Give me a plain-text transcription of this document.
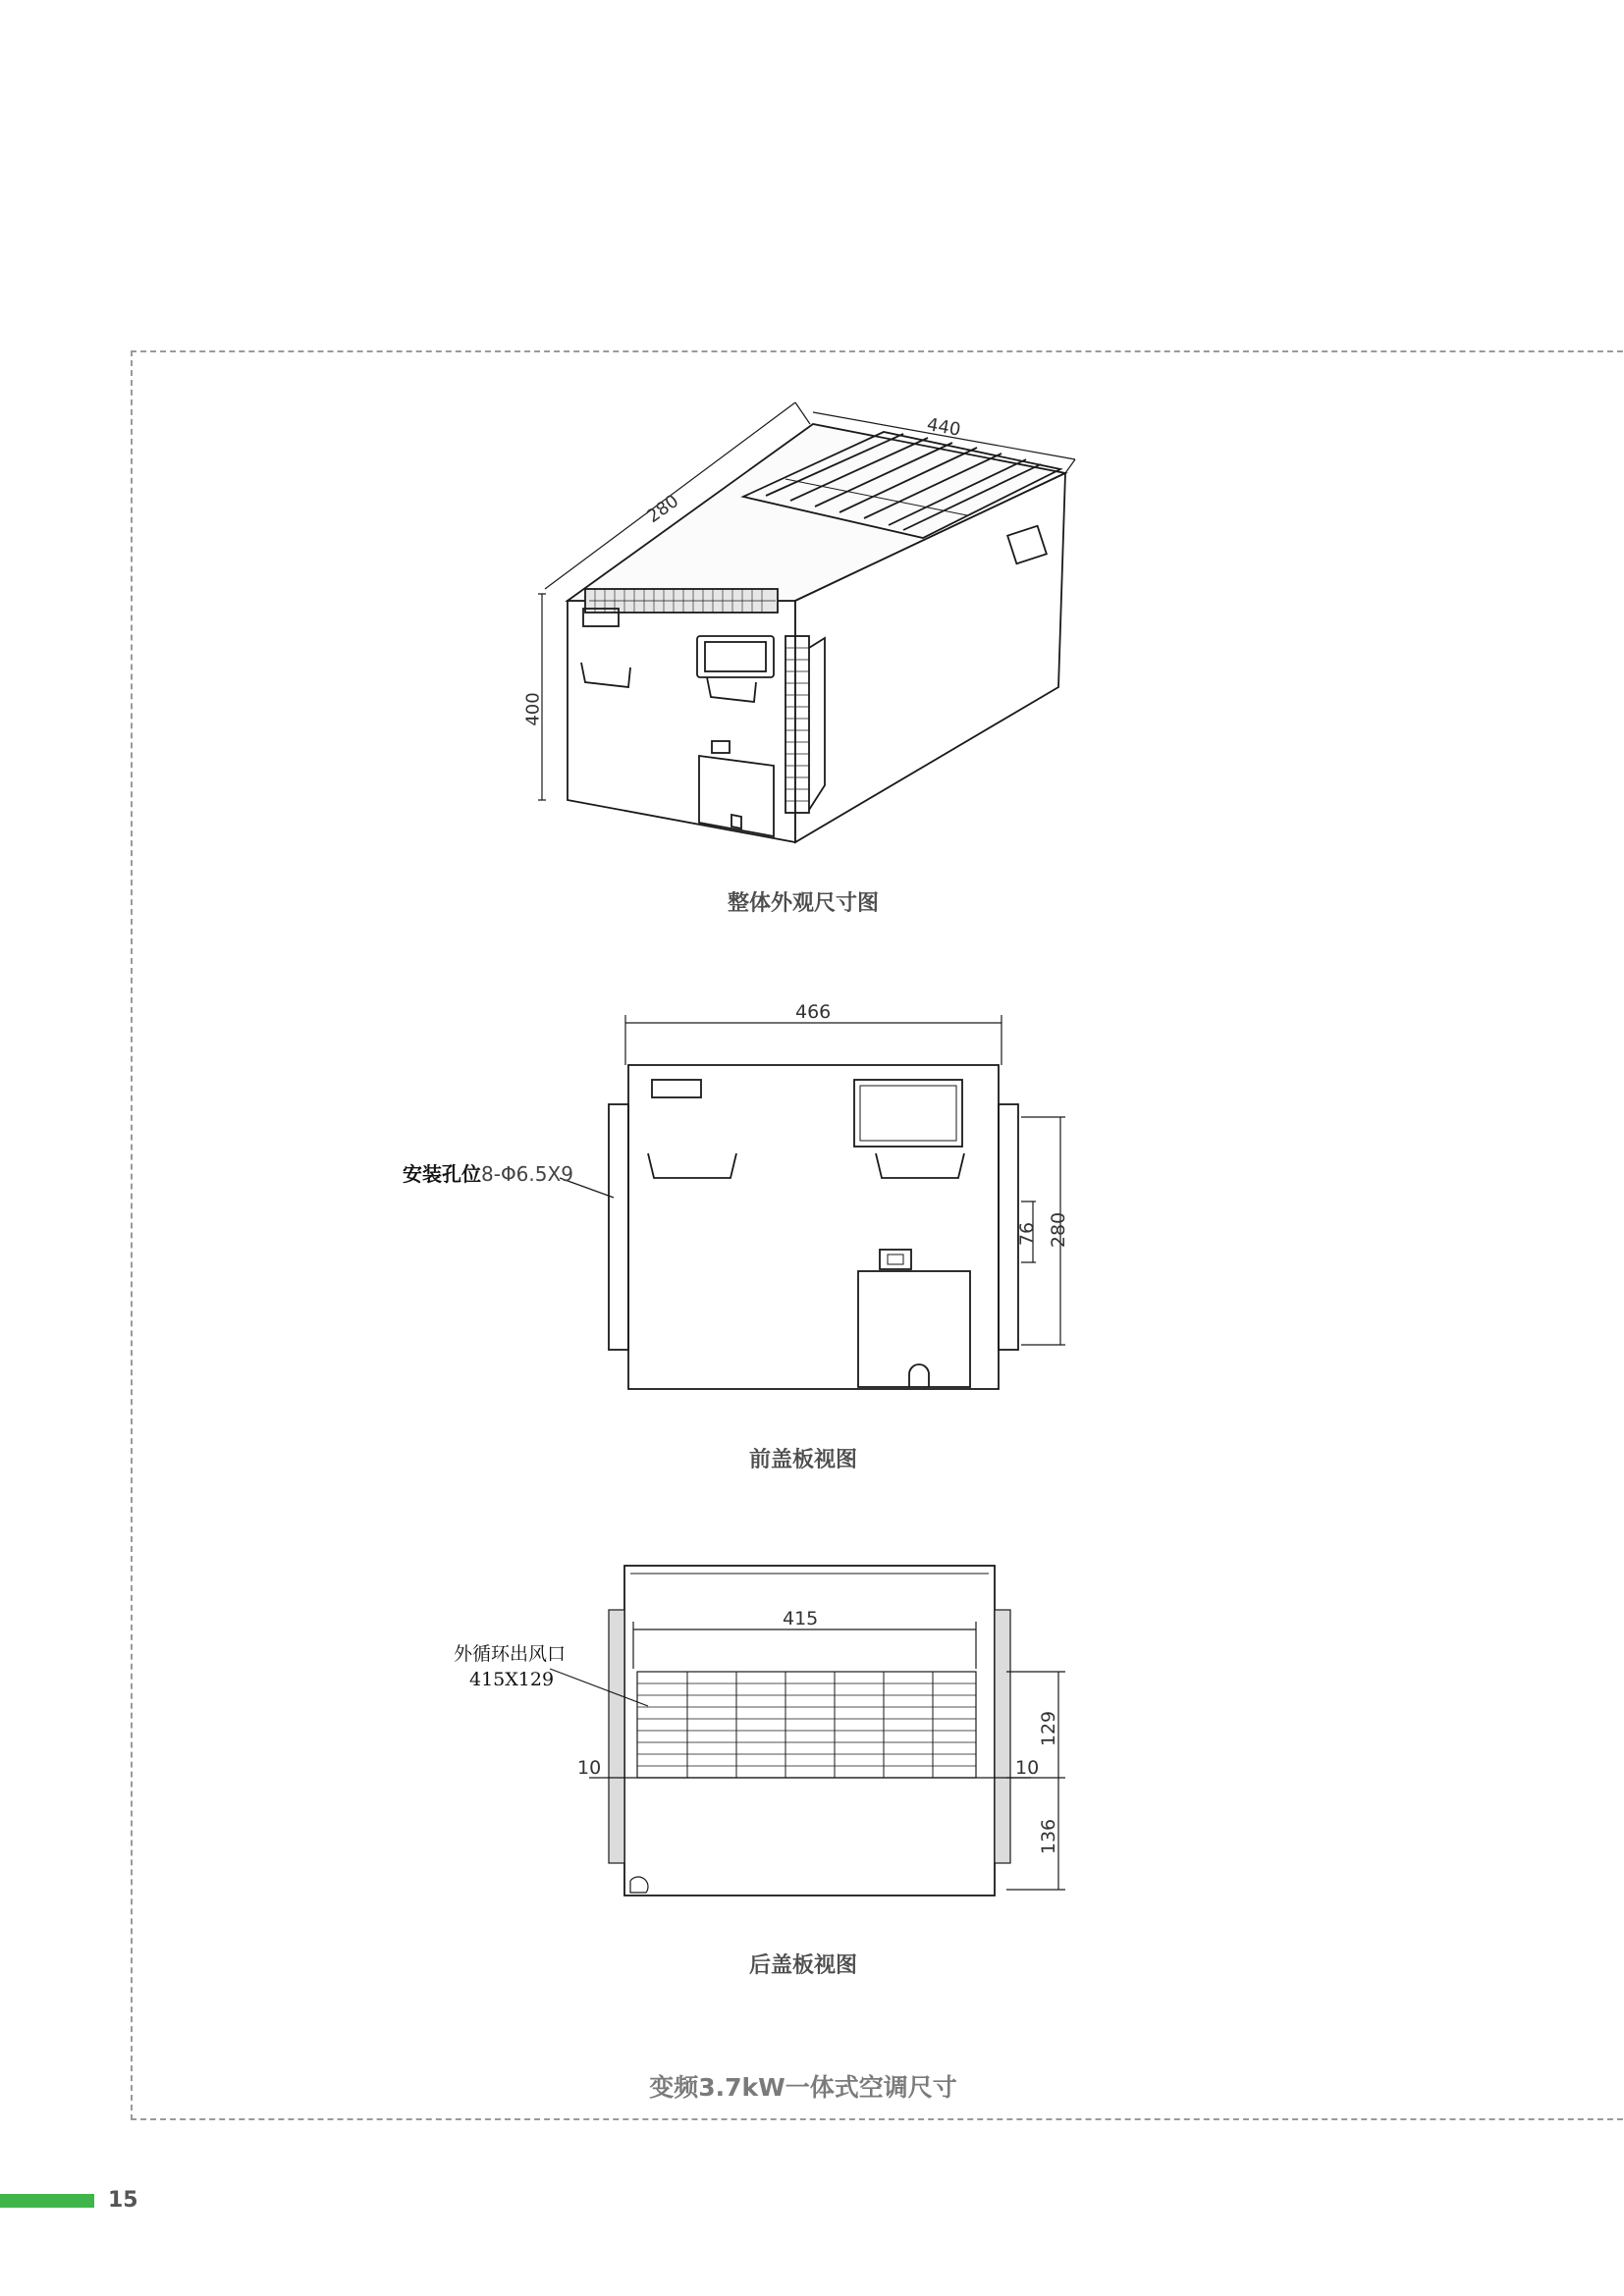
440
280
400
整体外观尺寸图
466
76 280
安装孔位8-Φ6.5X9
前盖板视图
415
129
136
10	10
外循环出风口
415X129
后盖板视图
变频3.7kW一体式空调尺寸
15
